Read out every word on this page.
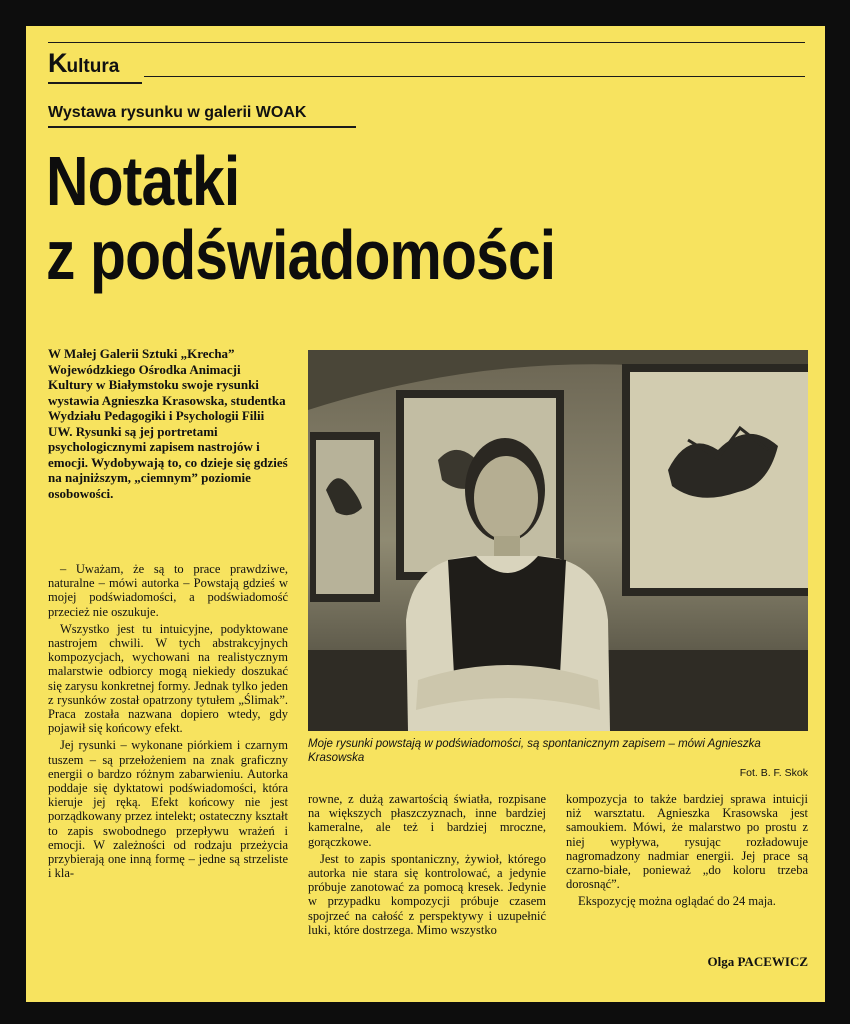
Kultura
Wystawa rysunku w galerii WOAK
Notatki
z podświadomości
W Małej Galerii Sztuki „Krecha” Wojewódzkiego Ośrodka Animacji Kultury w Białymstoku swoje rysunki wystawia Agnieszka Krasowska, studentka Wydziału Pedagogiki i Psychologii Filii UW. Rysunki są jej portretami psychologicznymi zapisem nastrojów i emocji. Wydobywają to, co dzieje się gdzieś na najniższym, „ciemnym” poziomie osobowości.

– Uważam, że są to prace prawdziwe, naturalne – mówi autorka – Powstają gdzieś w mojej podświadomości, a podświadomość przecież nie oszukuje.

Wszystko jest tu intuicyjne, podyktowane nastrojem chwili. W tych abstrakcyjnych kompozycjach, wychowani na realistycznym malarstwie odbiorcy mogą niekiedy doszukać się zarysu konkretnej formy. Jednak tylko jeden z rysunków został opatrzony tytułem „Ślimak”. Praca została nazwana dopiero wtedy, gdy pojawił się końcowy efekt.

Jej rysunki – wykonane piórkiem i czarnym tuszem – są przełożeniem na znak graficzny energii o bardzo różnym zabarwieniu. Autorka poddaje się dyktatowi podświadomości, która kieruje jej ręką. Efekt końcowy nie jest porządkowany przez intelekt; ostateczny kształt to zapis swobodnego przepływu wrażeń i emocji. W zależności od rodzaju przeżycia przybierają one inną formę – jedne są strzeliste i kla-

Moje rysunki powstają w podświadomości, są spontanicznym zapisem – mówi Agnieszka Krasowska
Fot. B. F. Skok

rowne, z dużą zawartością światła, rozpisane na większych płaszczyznach, inne bardziej kameralne, ale też i bardziej mroczne, gorączkowe.

Jest to zapis spontaniczny, żywioł, którego autorka nie stara się kontrolować, a jedynie próbuje zanotować za pomocą kresek. Jedynie w przypadku kompozycji próbuje czasem spojrzeć na całość z perspektywy i uzupełnić luki, które dostrzega. Mimo wszystko

kompozycja to także bardziej sprawa intuicji niż warsztatu. Agnieszka Krasowska jest samoukiem. Mówi, że malarstwo po prostu z niej wypływa, rysując rozładowuje nagromadzony nadmiar energii. Jej prace są czarno-białe, ponieważ „do koloru trzeba dorosnąć”.

Ekspozycję można oglądać do 24 maja.

Olga PACEWICZ
